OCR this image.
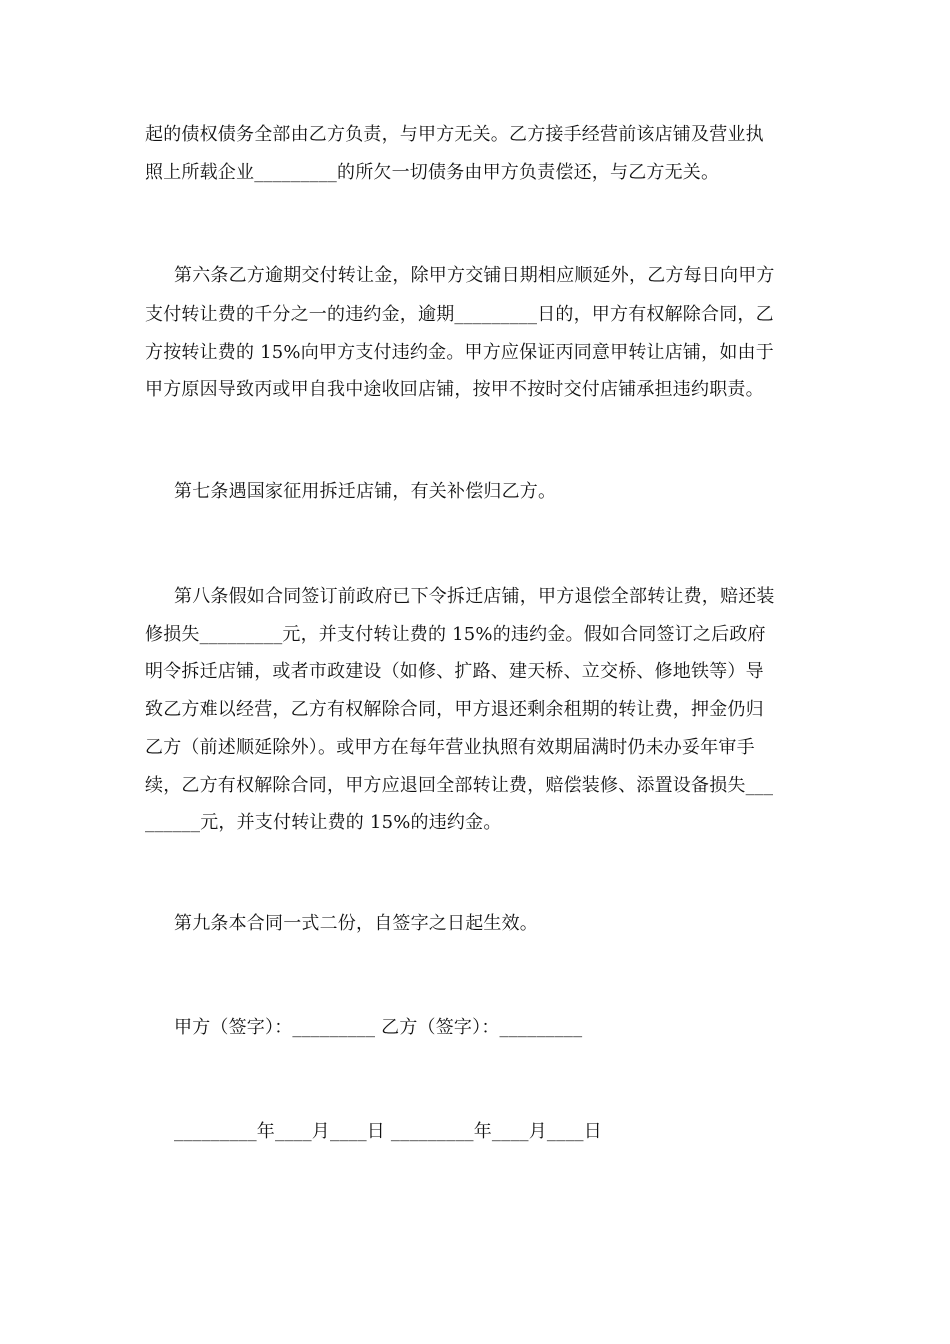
起的债权债务全部由乙方负责，与甲方无关。乙方接手经营前该店铺及营业执
照上所载企业_________的所欠一切债务由甲方负责偿还，与乙方无关。
第六条乙方逾期交付转让金，除甲方交铺日期相应顺延外，乙方每日向甲方
支付转让费的千分之一的违约金，逾期_________日的，甲方有权解除合同，乙
方按转让费的 15%向甲方支付违约金。甲方应保证丙同意甲转让店铺，如由于
甲方原因导致丙或甲自我中途收回店铺，按甲不按时交付店铺承担违约职责。
第七条遇国家征用拆迁店铺，有关补偿归乙方。
第八条假如合同签订前政府已下令拆迁店铺，甲方退偿全部转让费，赔还装
修损失_________元，并支付转让费的 15%的违约金。假如合同签订之后政府
明令拆迁店铺，或者市政建设（如修、扩路、建天桥、立交桥、修地铁等）导
致乙方难以经营，乙方有权解除合同，甲方退还剩余租期的转让费，押金仍归
乙方（前述顺延除外）。或甲方在每年营业执照有效期届满时仍未办妥年审手
续，乙方有权解除合同，甲方应退回全部转让费，赔偿装修、添置设备损失___
______元，并支付转让费的 15%的违约金。
第九条本合同一式二份，自签字之日起生效。
甲方（签字）：_________ 乙方（签字）：_________
_________年____月____日 _________年____月____日
